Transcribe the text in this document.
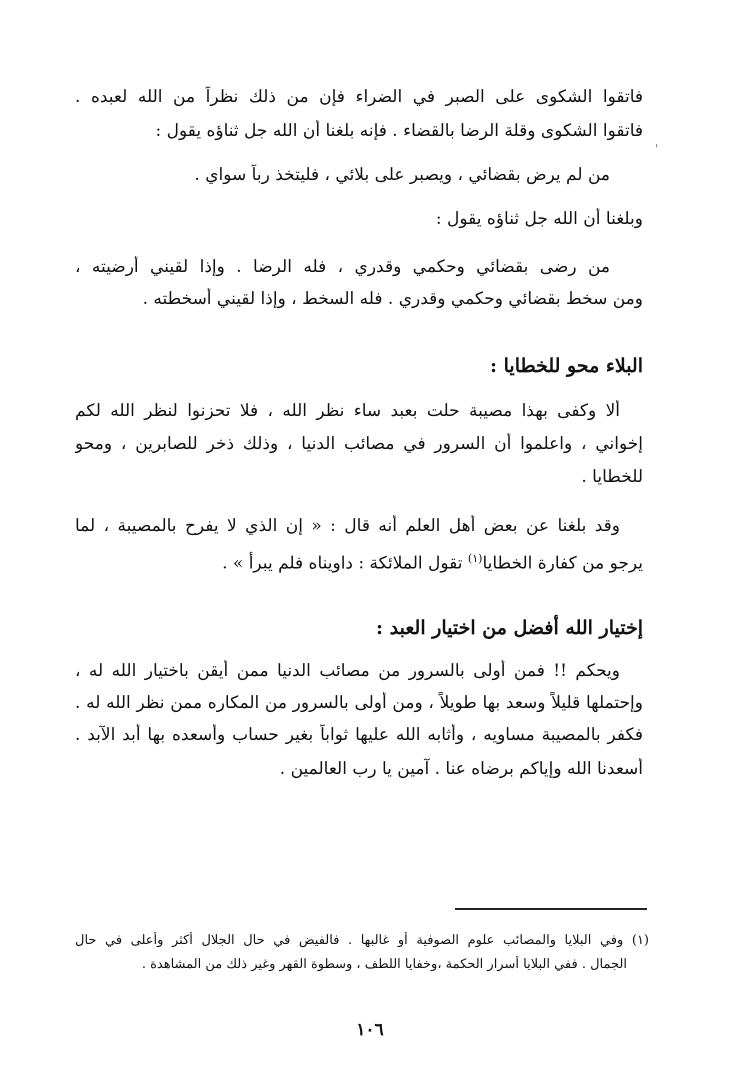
فاتقوا الشكوى على الصبر في الضراء فإن من ذلك نظراً من الله لعبده .
فاتقوا الشكوى وقلة الرضا بالقضاء . فإنه بلغنا أن الله جل ثناؤه يقول :
'
من لم يرض بقضائي ، ويصبر على بلائي ، فليتخذ رباً سواي .
وبلغنا أن الله جل ثناؤه يقول :
من رضى بقضائي وحكمي وقدري ، فله الرضا . وإذا لقيني أرضيته ،
ومن سخط بقضائي وحكمي وقدري . فله السخط ، وإذا لقيني أسخطته .
البلاء محو للخطايا :
ألا وكفى بهذا مصيبة حلت بعبد ساء نظر الله ، فلا تحزنوا لنظر الله لكم
إخواني ، واعلموا أن السرور في مصائب الدنيا ، وذلك ذخر للصابرين ، ومحو
للخطايا .
وقد بلغنا عن بعض أهل العلم أنه قال : « إن الذي لا يفرح بالمصيبة ، لما
يرجو من كفارة الخطايا$^{(١)}$ تقول الملائكة : داويناه فلم يبرأ » .
إختيار الله أفضل من اختيار العبد :
ويحكم !! فمن أولى بالسرور من مصائب الدنيا ممن أيقن باختيار الله له ،
وإحتملها قليلاً وسعد بها طويلاً ، ومن أولى بالسرور من المكاره ممن نظر الله له .
فكفر بالمصيبة مساويه ، وأثابه الله عليها ثواباً بغير حساب وأسعده بها أبد الآبد .
أسعدنا الله وإياكم برضاه عنا . آمين يا رب العالمين .
(١) وفي البلايا والمصائب علوم الصوفية أو غالبها . فالفيض في حال الجلال أكثر وأعلى في حال
الجمال . ففي البلايا أسرار الحكمة ،وخفايا اللطف ، وسطوة القهر وغير ذلك من المشاهدة .
١٠٦
